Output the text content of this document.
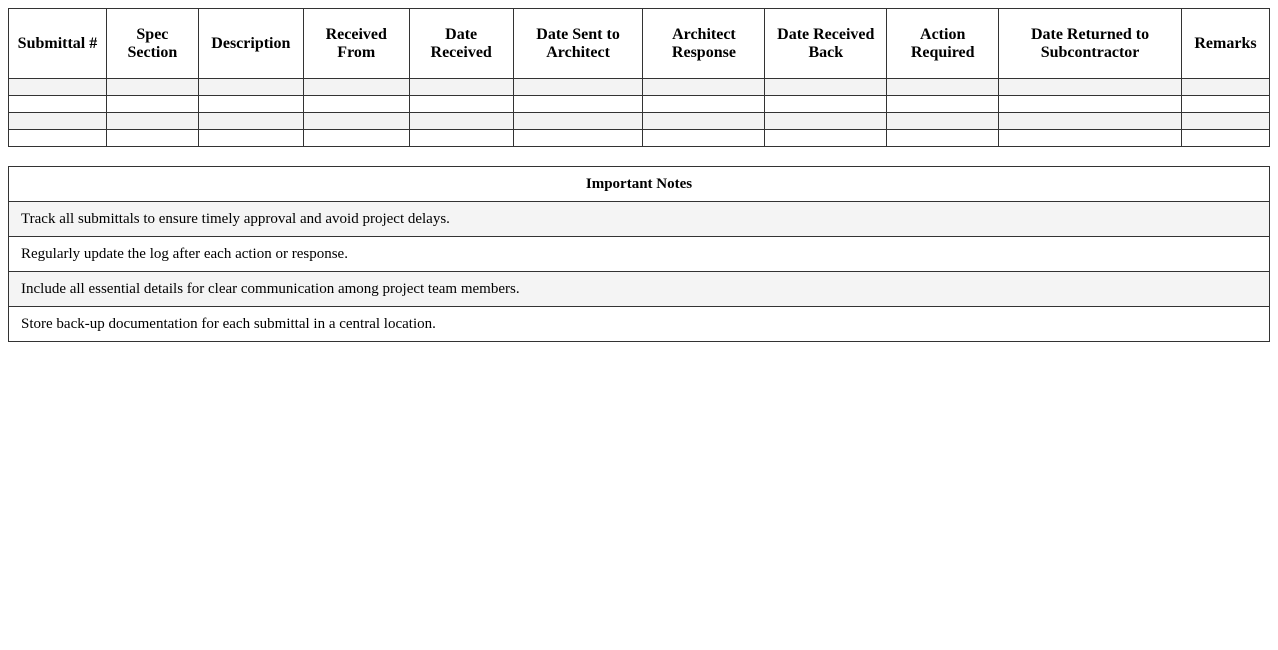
Submittal #	Spec Section	Description	Received From	Date Received	Date Sent to Architect	Architect Response	Date Received Back	Action Required	Date Returned to Subcontractor	Remarks

Important Notes
Track all submittals to ensure timely approval and avoid project delays.
Regularly update the log after each action or response.
Include all essential details for clear communication among project team members.
Store back-up documentation for each submittal in a central location.
